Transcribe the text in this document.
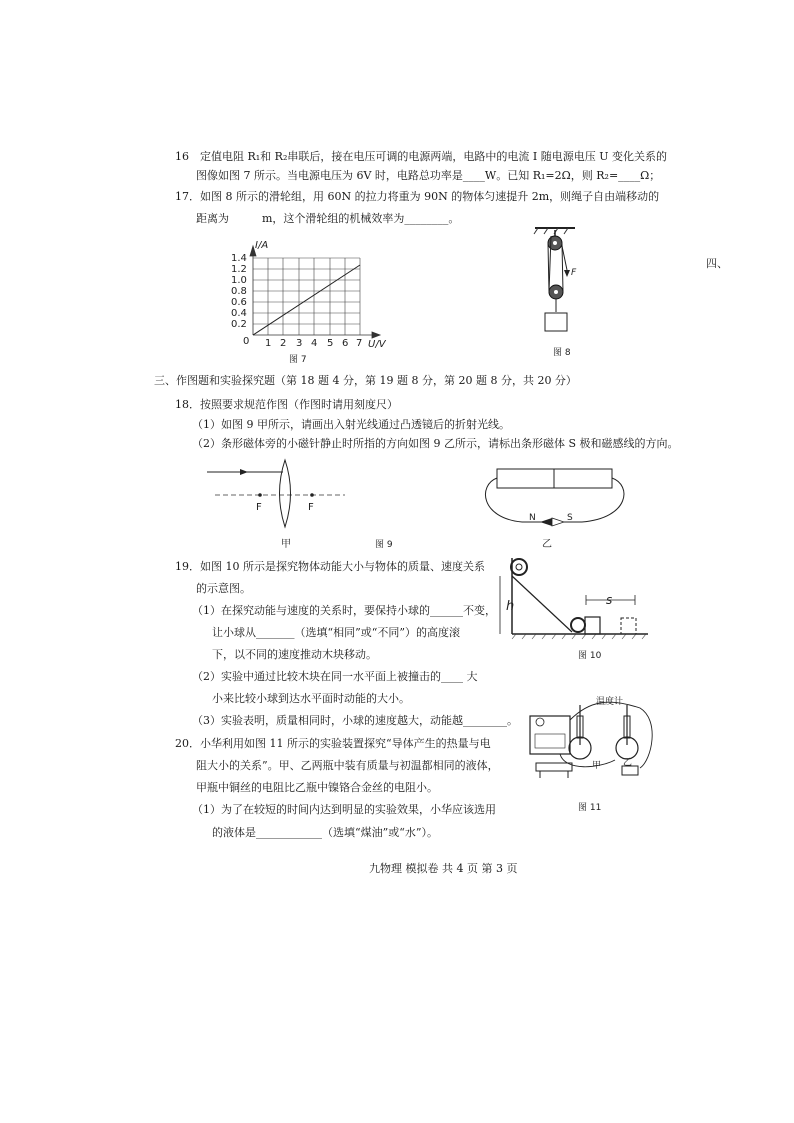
16　定值电阻 R₁和 R₂串联后，接在电压可调的电源两端，电路中的电流 I 随电源电压 U 变化关系的
图像如图 7 所示。当电源电压为 6V 时，电路总功率是____W。已知 R₁=2Ω，则 R₂=____Ω；
17．如图 8 所示的滑轮组，用 60N 的拉力将重为 90N 的物体匀速提升 2m，则绳子自由端移动的
距离为　　　m，这个滑轮组的机械效率为________。
I/A
0
0.2
0.4
0.6
0.8
1.0
1.2
1.4
1 2 3 4 5 6 7 U/V
图 7
F
图 8
四、
三、作图题和实验探究题（第 18 题 4 分，第 19 题 8 分，第 20 题 8 分，共 20 分）
18．按照要求规范作图（作图时请用刻度尺）
（1）如图 9 甲所示，请画出入射光线通过凸透镜后的折射光线。
（2）条形磁体旁的小磁针静止时所指的方向如图 9 乙所示，请标出条形磁体 S 极和磁感线的方向。
F	F
甲	图 9
N	S
乙
19．如图 10 所示是探究物体动能大小与物体的质量、速度关系
的示意图。
（1）在探究动能与速度的关系时，要保持小球的______不变，
让小球从_______（选填“相同”或“不同”）的高度滚
下，以不同的速度推动木块移动。
（2）实验中通过比较木块在同一水平面上被撞击的____ 大
小来比较小球到达水平面时动能的大小。
（3）实验表明，质量相同时，小球的速度越大，动能越________。
h	s
图 10
20．小华利用如图 11 所示的实验装置探究“导体产生的热量与电
阻大小的关系”。甲、乙两瓶中装有质量与初温都相同的液体，
甲瓶中铜丝的电阻比乙瓶中镍铬合金丝的电阻小。
（1）为了在较短的时间内达到明显的实验效果，小华应该选用
的液体是____________（选填“煤油”或“水”）。
温度计
甲 乙
图 11
九物理 模拟卷 共 4 页 第 3 页
